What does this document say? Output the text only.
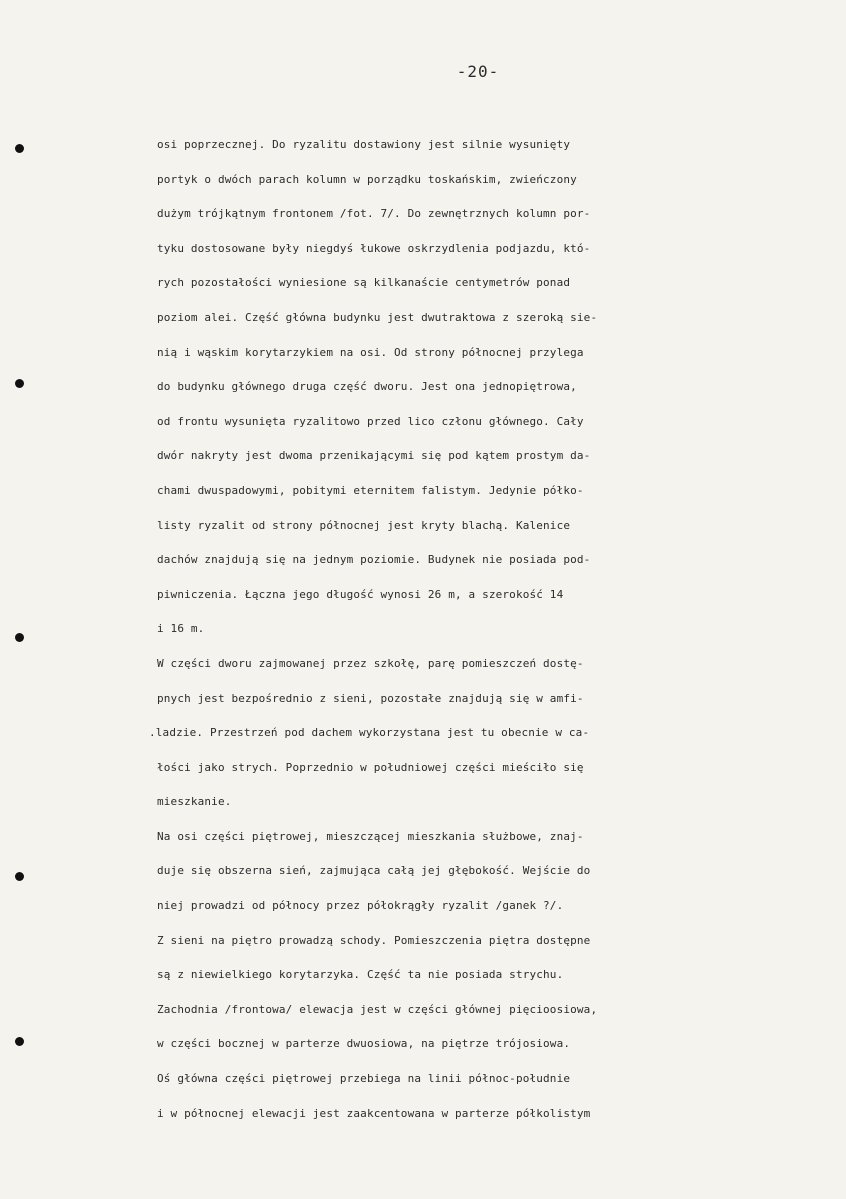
-20-
osi poprzecznej. Do ryzalitu dostawiony jest silnie wysunięty
portyk o dwóch parach kolumn w porządku toskańskim, zwieńczony
dużym trójkątnym frontonem /fot. 7/. Do zewnętrznych kolumn por-
tyku dostosowane były niegdyś łukowe oskrzydlenia podjazdu, któ-
rych pozostałości wyniesione są kilkanaście centymetrów ponad
poziom alei. Część główna budynku jest dwutraktowa z szeroką sie-
nią i wąskim korytarzykiem na osi. Od strony północnej przylega
do budynku głównego druga część dworu. Jest ona jednopiętrowa,
od frontu wysunięta ryzalitowo przed lico członu głównego. Cały
dwór nakryty jest dwoma przenikającymi się pod kątem prostym da-
chami dwuspadowymi, pobitymi eternitem falistym. Jedynie półko-
listy ryzalit od strony północnej jest kryty blachą. Kalenice
dachów znajdują się na jednym poziomie. Budynek nie posiada pod-
piwniczenia. Łączna jego długość wynosi 26 m, a szerokość 14
i 16 m.
W części dworu zajmowanej przez szkołę, parę pomieszczeń dostę-
pnych jest bezpośrednio z sieni, pozostałe znajdują się w amfi-
.ladzie. Przestrzeń pod dachem wykorzystana jest tu obecnie w ca-
łości jako strych. Poprzednio w południowej części mieściło się
mieszkanie.
Na osi części piętrowej, mieszczącej mieszkania służbowe, znaj-
duje się obszerna sień, zajmująca całą jej głębokość. Wejście do
niej prowadzi od północy przez półokrągły ryzalit /ganek ?/.
Z sieni na piętro prowadzą schody. Pomieszczenia piętra dostępne
są z niewielkiego korytarzyka. Część ta nie posiada strychu.
Zachodnia /frontowa/ elewacja jest w części głównej pięcioosiowa,
w części bocznej w parterze dwuosiowa, na piętrze trójosiowa.
Oś główna części piętrowej przebiega na linii północ-południe
i w północnej elewacji jest zaakcentowana w parterze półkolistym
